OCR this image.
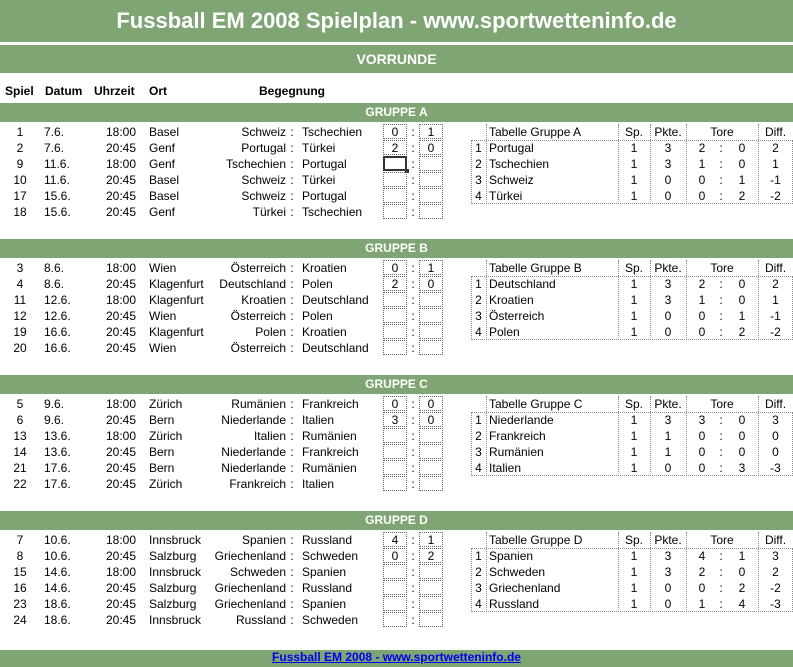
Fussball EM 2008 Spielplan - www.sportwetteninfo.de
VORRUNDE
Spiel Datum Uhrzeit Ort	Begegnung
GRUPPE A
1	7.6.	18:00 Basel	Schweiz : Tschechien	0	:	1
2	7.6.	20:45 Genf	Portugal : Türkei	2	:	0
9	11.6.	18:00 Genf	Tschechien : Portugal	:
10	11.6.	20:45 Basel	Schweiz : Türkei	:
17	15.6.	20:45 Basel	Schweiz : Portugal	:
18	15.6.	20:45 Genf	Türkei : Tschechien	:
Tabelle Gruppe A	Sp. Pkte.	Tore	Diff.
1 Portugal	1	3	2	:	0	2
2 Tschechien	1	3	1	:	0	1
3 Schweiz	1	0	0	:	1	-1
4 Türkei	1	0	0	:	2	-2
GRUPPE B
3	8.6.	18:00 Wien	Österreich : Kroatien	0	:	1
4	8.6.	20:45 Klagenfurt	Deutschland : Polen	2	:	0
11	12.6.	18:00 Klagenfurt	Kroatien : Deutschland	:
12	12.6.	20:45 Wien	Österreich : Polen	:
19	16.6.	20:45 Klagenfurt	Polen : Kroatien	:
20	16.6.	20:45 Wien	Österreich : Deutschland	:
Tabelle Gruppe B	Sp. Pkte.	Tore	Diff.
1 Deutschland	1	3	2	:	0	2
2 Kroatien	1	3	1	:	0	1
3 Österreich	1	0	0	:	1	-1
4 Polen	1	0	0	:	2	-2
GRUPPE C
5	9.6.	18:00 Zürich	Rumänien : Frankreich	0	:	0
6	9.6.	20:45 Bern	Niederlande : Italien	3	:	0
13	13.6.	18:00 Zürich	Italien : Rumänien	:
14	13.6.	20:45 Bern	Niederlande : Frankreich	:
21	17.6.	20:45 Bern	Niederlande : Rumänien	:
22	17.6.	20:45 Zürich	Frankreich : Italien	:
Tabelle Gruppe C	Sp. Pkte.	Tore	Diff.
1 Niederlande	1	3	3	:	0	3
2 Frankreich	1	1	0	:	0	0
3 Rumänien	1	1	0	:	0	0
4 Italien	1	0	0	:	3	-3
GRUPPE D
7	10.6.	18:00 Innsbruck	Spanien : Russland	4	:	1
8	10.6.	20:45 Salzburg	Griechenland : Schweden	0	:	2
15	14.6.	18:00 Innsbruck	Schweden : Spanien	:
16	14.6.	20:45 Salzburg	Griechenland : Russland	:
23	18.6.	20:45 Salzburg	Griechenland : Spanien	:
24	18.6.	20:45 Innsbruck	Russland : Schweden	:
Tabelle Gruppe D	Sp. Pkte.	Tore	Diff.
1 Spanien	1	3	4	:	1	3
2 Schweden	1	3	2	:	0	2
3 Griechenland	1	0	0	:	2	-2
4 Russland	1	0	1	:	4	-3
Fussball EM 2008 - www.sportwetteninfo.de
